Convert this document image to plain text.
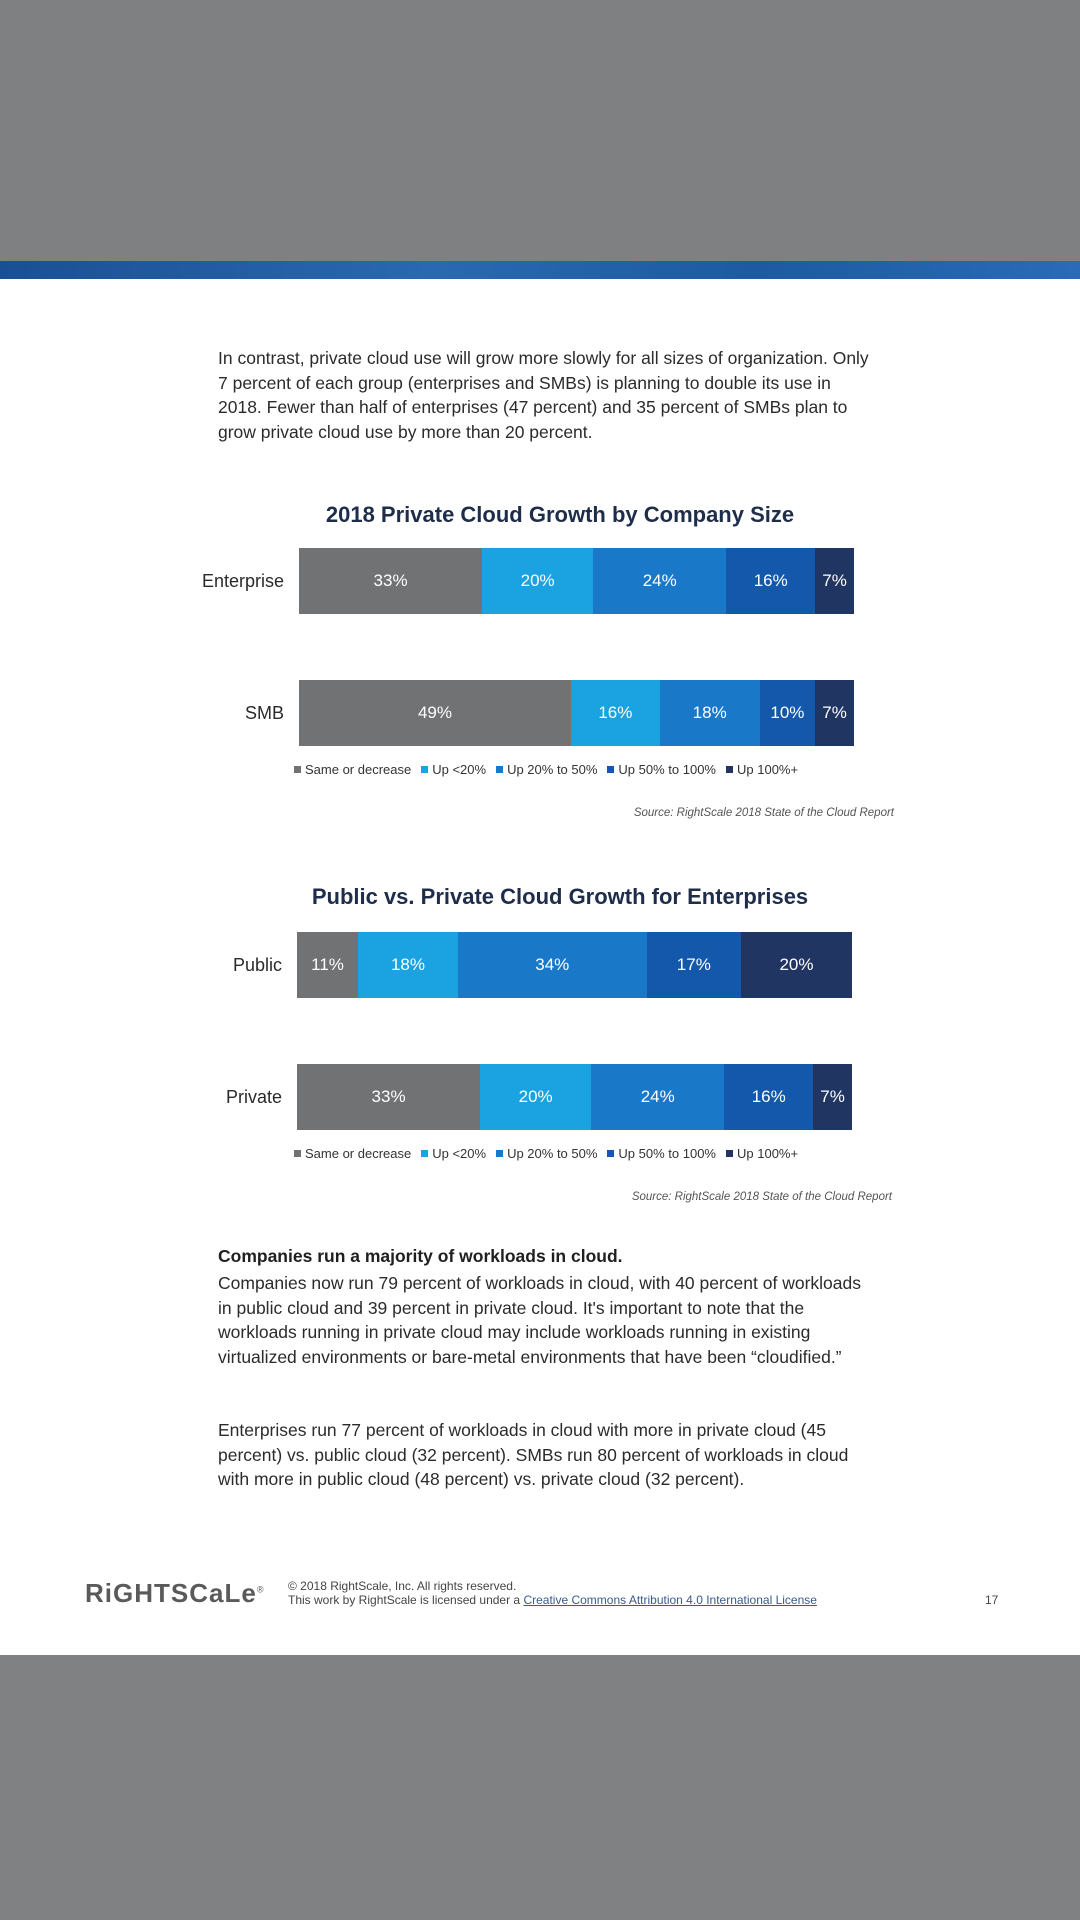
In contrast, private cloud use will grow more slowly for all sizes of organization. Only 7 percent of each group (enterprises and SMBs) is planning to double its use in 2018. Fewer than half of enterprises (47 percent) and 35 percent of SMBs plan to grow private cloud use by more than 20 percent.
2018 Private Cloud Growth by Company Size
Enterprise	33%	20%	24%	16%	7%
SMB	49%	16%	18%	10%	7%
Same or decrease Up <20% Up 20% to 50% Up 50% to 100% Up 100%+
Source: RightScale 2018 State of the Cloud Report
Public vs. Private Cloud Growth for Enterprises
Public	11%	18%	34%	17%	20%
Private	33%	20%	24%	16%	7%
Same or decrease Up <20% Up 20% to 50% Up 50% to 100% Up 100%+
Source: RightScale 2018 State of the Cloud Report
Companies run a majority of workloads in cloud.
Companies now run 79 percent of workloads in cloud, with 40 percent of workloads in public cloud and 39 percent in private cloud. It's important to note that the workloads running in private cloud may include workloads running in existing virtualized environments or bare-metal environments that have been “cloudified.”
Enterprises run 77 percent of workloads in cloud with more in private cloud (45 percent) vs. public cloud (32 percent). SMBs run 80 percent of workloads in cloud with more in public cloud (48 percent) vs. private cloud (32 percent).
RiGHTSCaLe® © 2018 RightScale, Inc. All rights reserved.
This work by RightScale is licensed under a Creative Commons Attribution 4.0 International License	17
